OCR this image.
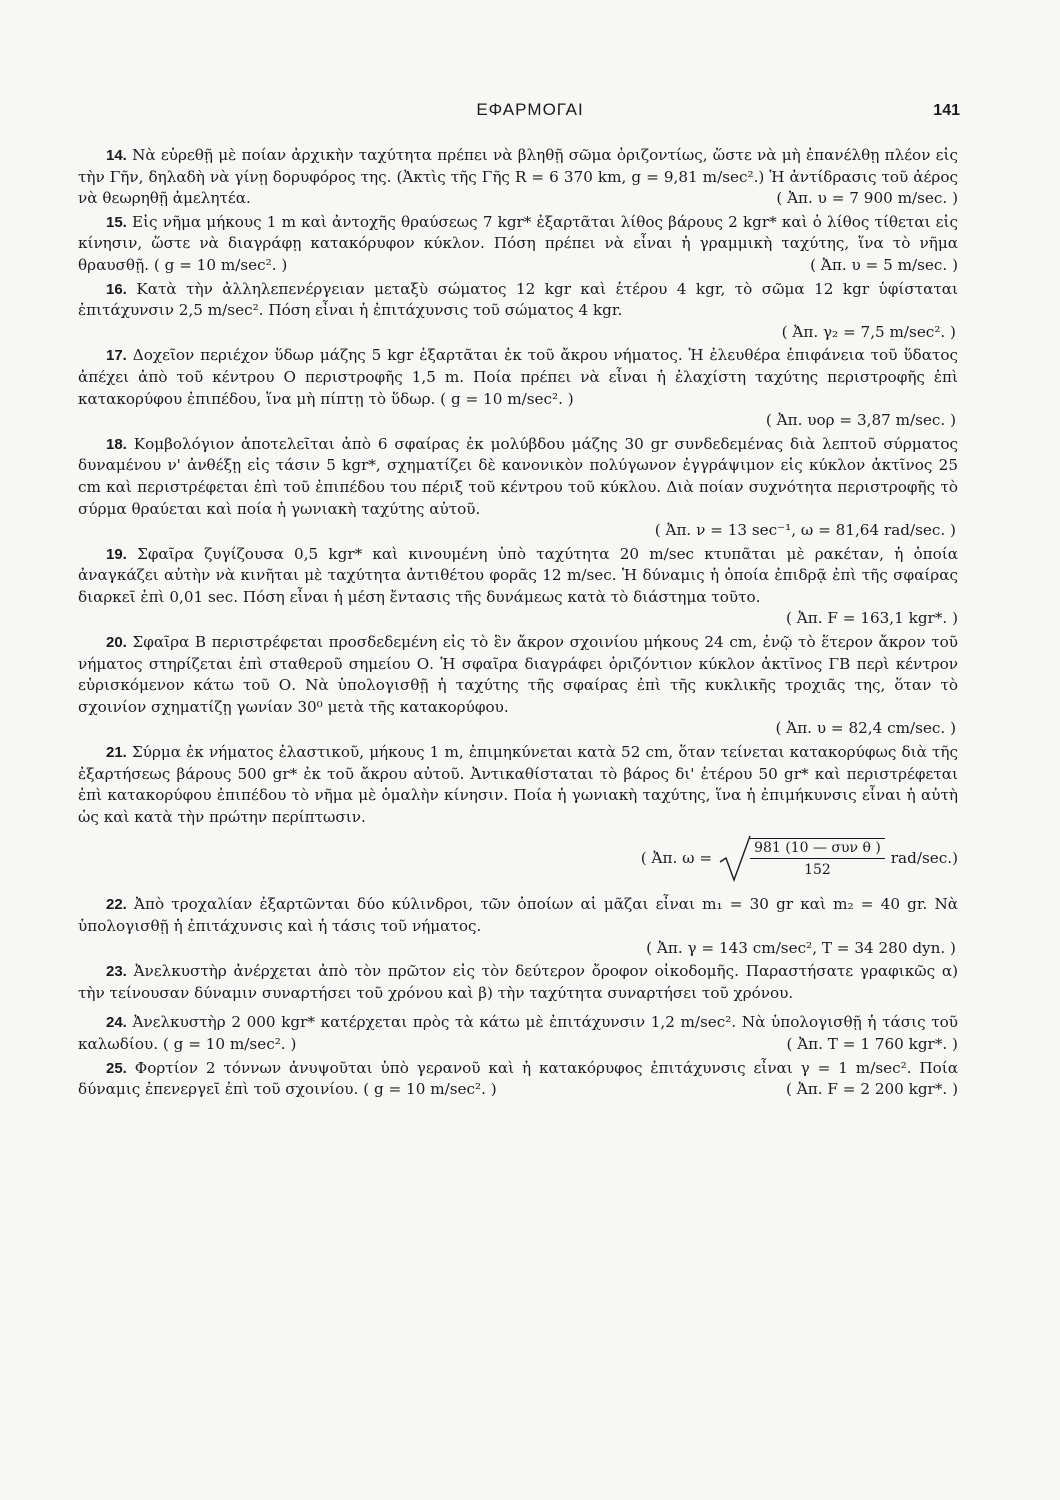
ΕΦΑΡΜΟΓΑΙ	141

14. Νὰ εὑρεθῇ μὲ ποίαν ἀρχικὴν ταχύτητα πρέπει νὰ βληθῇ σῶμα ὁριζοντίως, ὥστε νὰ μὴ ἐπανέλθῃ πλέον εἰς τὴν Γῆν, δηλαδὴ νὰ γίνῃ δορυφόρος της. (Ἀκτὶς τῆς Γῆς R = 6 370 km, g = 9,81 m/sec².) Ἡ ἀντίδρασις τοῦ ἀέρος νὰ θεωρηθῇ ἀμελητέα.	( Ἀπ. υ = 7 900 m/sec. )

15. Εἰς νῆμα μήκους 1 m καὶ ἀντοχῆς θραύσεως 7 kgr* ἐξαρτᾶται λίθος βάρους 2 kgr* καὶ ὁ λίθος τίθεται εἰς κίνησιν, ὥστε νὰ διαγράφῃ κατακόρυφον κύκλον. Πόση πρέπει νὰ εἶναι ἡ γραμμικὴ ταχύτης, ἵνα τὸ νῆμα θραυσθῇ. ( g = 10 m/sec². )	( Ἀπ. υ = 5 m/sec. )

16. Κατὰ τὴν ἀλληλεπενέργειαν μεταξὺ σώματος 12 kgr καὶ ἑτέρου 4 kgr, τὸ σῶμα 12 kgr ὑφίσταται ἐπιτάχυνσιν 2,5 m/sec². Πόση εἶναι ἡ ἐπιτάχυνσις τοῦ σώματος 4 kgr.

( Ἀπ. γ₂ = 7,5 m/sec². )

17. Δοχεῖον περιέχον ὕδωρ μάζης 5 kgr ἐξαρτᾶται ἐκ τοῦ ἄκρου νήματος. Ἡ ἐλευθέρα ἐπιφάνεια τοῦ ὕδατος ἀπέχει ἀπὸ τοῦ κέντρου Ο περιστροφῆς 1,5 m. Ποία πρέπει νὰ εἶναι ἡ ἐλαχίστη ταχύτης περιστροφῆς ἐπὶ κατακορύφου ἐπιπέδου, ἵνα μὴ πίπτῃ τὸ ὕδωρ. ( g = 10 m/sec². )

( Ἀπ. υορ = 3,87 m/sec. )

18. Κομβολόγιον ἀποτελεῖται ἀπὸ 6 σφαίρας ἐκ μολύβδου μάζης 30 gr συνδεδεμένας διὰ λεπτοῦ σύρματος δυναμένου ν' ἀνθέξῃ εἰς τάσιν 5 kgr*, σχηματίζει δὲ κανονικὸν πολύγωνον ἐγγράψιμον εἰς κύκλον ἀκτῖνος 25 cm καὶ περιστρέφεται ἐπὶ τοῦ ἐπιπέδου του πέριξ τοῦ κέντρου τοῦ κύκλου. Διὰ ποίαν συχνότητα περιστροφῆς τὸ σύρμα θραύεται καὶ ποία ἡ γωνιακὴ ταχύτης αὐτοῦ.

( Ἀπ. ν = 13 sec⁻¹, ω = 81,64 rad/sec. )

19. Σφαῖρα ζυγίζουσα 0,5 kgr* καὶ κινουμένη ὑπὸ ταχύτητα 20 m/sec κτυπᾶται μὲ ρακέταν, ἡ ὁποία ἀναγκάζει αὐτὴν νὰ κινῆται μὲ ταχύτητα ἀντιθέτου φορᾶς 12 m/sec. Ἡ δύναμις ἡ ὁποία ἐπιδρᾷ ἐπὶ τῆς σφαίρας διαρκεῖ ἐπὶ 0,01 sec. Πόση εἶναι ἡ μέση ἔντασις τῆς δυνάμεως κατὰ τὸ διάστημα τοῦτο.
( Ἀπ. F = 163,1 kgr*. )

20. Σφαῖρα Β περιστρέφεται προσδεδεμένη εἰς τὸ ἓν ἄκρον σχοινίου μήκους 24 cm, ἐνῷ τὸ ἕτερον ἄκρον τοῦ νήματος στηρίζεται ἐπὶ σταθεροῦ σημείου Ο. Ἡ σφαῖρα διαγράφει ὁριζόντιον κύκλον ἀκτῖνος ΓΒ περὶ κέντρον εὑρισκόμενον κάτω τοῦ Ο. Νὰ ὑπολογισθῇ ἡ ταχύτης τῆς σφαίρας ἐπὶ τῆς κυκλικῆς τροχιᾶς της, ὅταν τὸ σχοινίον σχηματίζῃ γωνίαν 30⁰ μετὰ τῆς κατακορύφου.

( Ἀπ. υ = 82,4 cm/sec. )

21. Σύρμα ἐκ νήματος ἐλαστικοῦ, μήκους 1 m, ἐπιμηκύνεται κατὰ 52 cm, ὅταν τείνεται κατακορύφως διὰ τῆς ἐξαρτήσεως βάρους 500 gr* ἐκ τοῦ ἄκρου αὐτοῦ. Ἀντικαθίσταται τὸ βάρος δι' ἑτέρου 50 gr* καὶ περιστρέφεται ἐπὶ κατακορύφου ἐπιπέδου τὸ νῆμα μὲ ὁμαλὴν κίνησιν. Ποία ἡ γωνιακὴ ταχύτης, ἵνα ἡ ἐπιμήκυνσις εἶναι ἡ αὐτὴ ὡς καὶ κατὰ τὴν πρώτην περίπτωσιν.

( Ἀπ. ω =	$\frac{\text{981 (10 — συν θ )}}{152} rad/\sec$.)

22. Ἀπὸ τροχαλίαν ἐξαρτῶνται δύο κύλινδροι, τῶν ὁποίων αἱ μᾶζαι εἶναι m₁ = 30 gr καὶ m₂ = 40 gr. Νὰ ὑπολογισθῇ ἡ ἐπιτάχυνσις καὶ ἡ τάσις τοῦ νήματος.

( Ἀπ. γ = 143 cm/sec², T = 34 280 dyn. )

23. Ἀνελκυστὴρ ἀνέρχεται ἀπὸ τὸν πρῶτον εἰς τὸν δεύτερον ὄροφον οἰκοδομῆς. Παραστήσατε γραφικῶς α) τὴν τείνουσαν δύναμιν συναρτήσει τοῦ χρόνου καὶ β) τὴν ταχύτητα συναρτήσει τοῦ χρόνου.

24. Ἀνελκυστὴρ 2 000 kgr* κατέρχεται πρὸς τὰ κάτω μὲ ἐπιτάχυνσιν 1,2 m/sec². Νὰ ὑπολογισθῇ ἡ τάσις τοῦ καλωδίου. ( g = 10 m/sec². )	( Ἀπ. T = 1 760 kgr*. )

25. Φορτίον 2 τόννων ἀνυψοῦται ὑπὸ γερανοῦ καὶ ἡ κατακόρυφος ἐπιτάχυνσις εἶναι γ = 1 m/sec². Ποία δύναμις ἐπενεργεῖ ἐπὶ τοῦ σχοινίου. ( g = 10 m/sec². )	( Ἀπ. F = 2 200 kgr*. )
